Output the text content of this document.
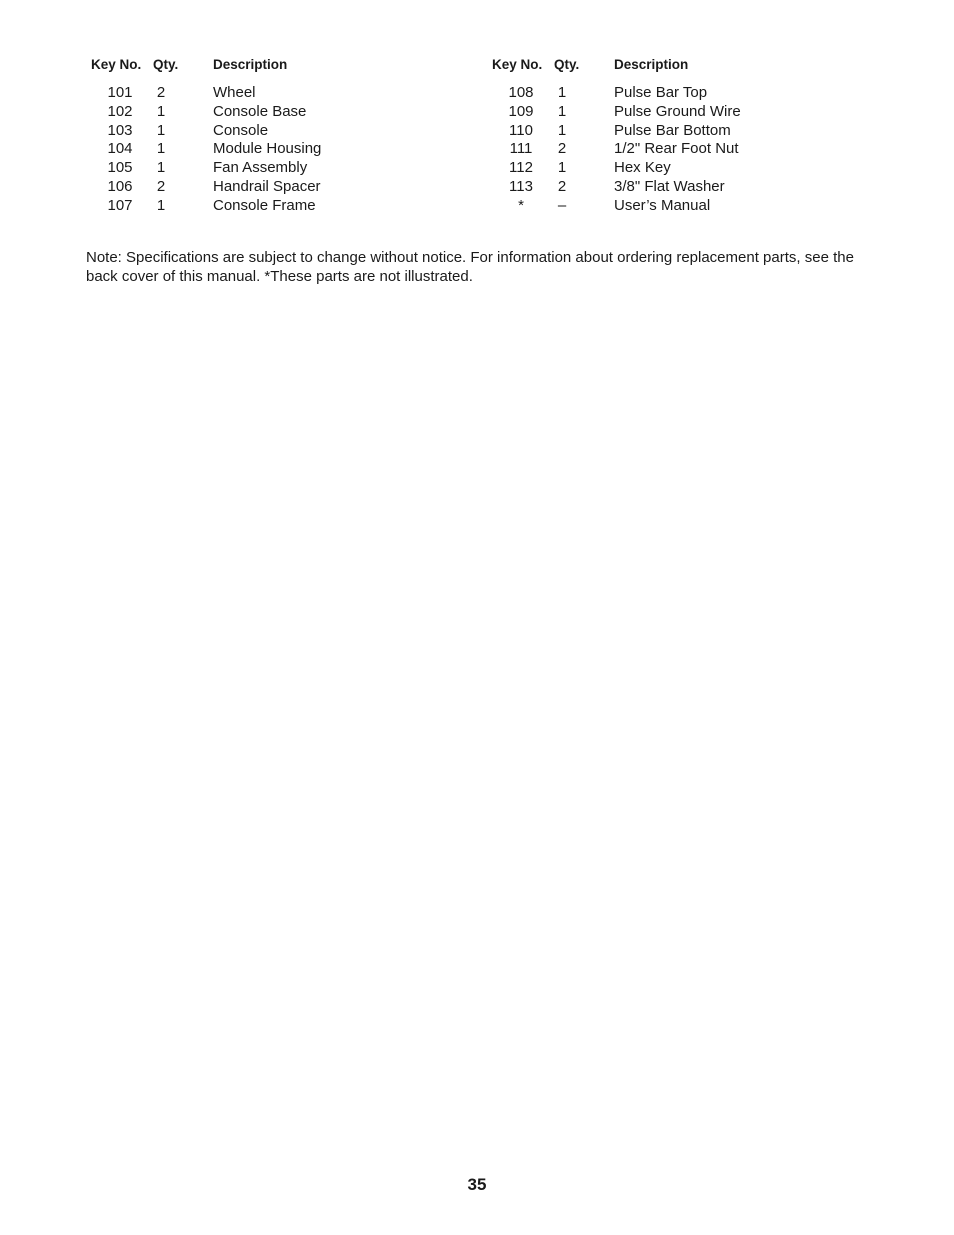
Key No. Qty.	Description
101	2	Wheel
102	1	Console Base
103	1	Console
104	1	Module Housing
105	1	Fan Assembly
106	2	Handrail Spacer
107	1	Console Frame
Key No. Qty.	Description
108	1	Pulse Bar Top
109	1	Pulse Ground Wire
110	1	Pulse Bar Bottom
111	2	1/2" Rear Foot Nut
112	1	Hex Key
113	2	3/8" Flat Washer
*	–	User’s Manual

Note: Specifications are subject to change without notice. For information about ordering replacement parts, see the back cover of this manual. *These parts are not illustrated.

35
